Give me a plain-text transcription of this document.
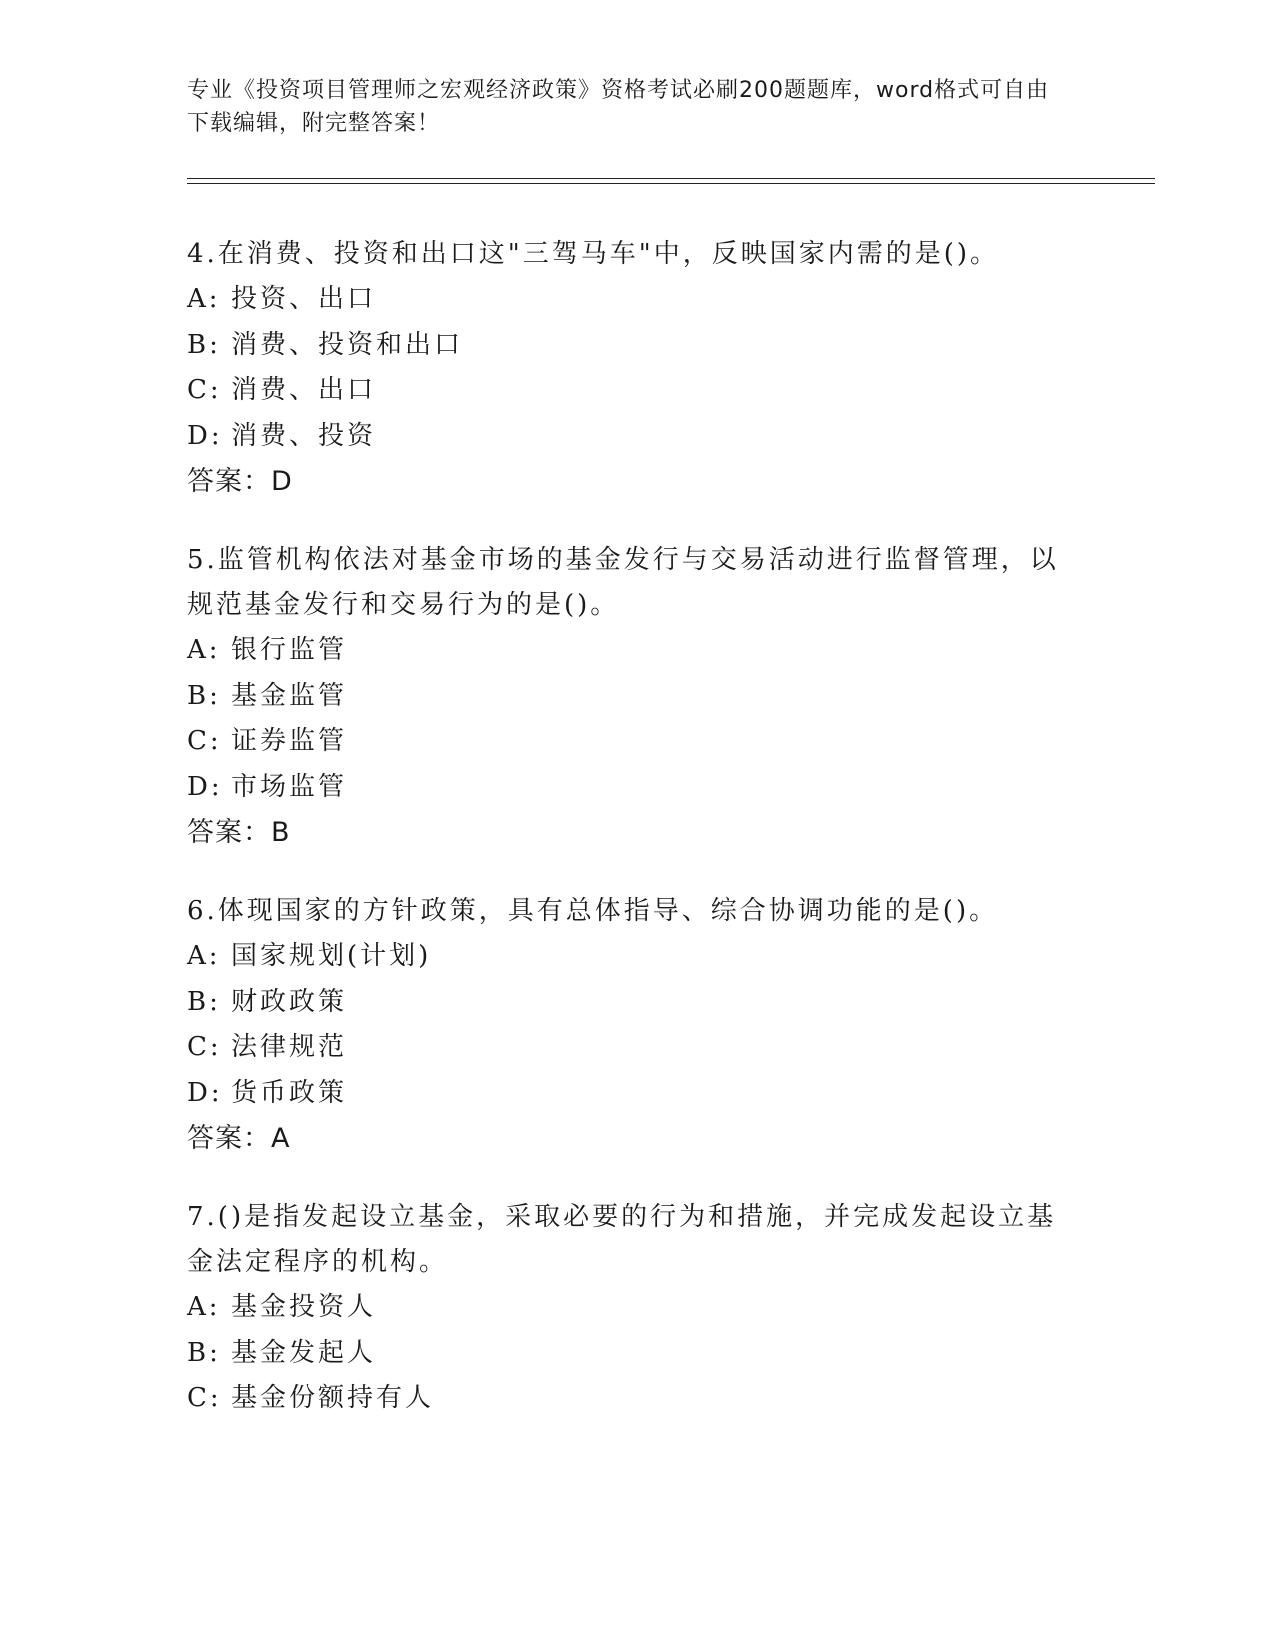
专业《投资项目管理师之宏观经济政策》资格考试必刷200题题库，word格式可自由下载编辑，附完整答案！

4.在消费、投资和出口这"三驾马车"中，反映国家内需的是()。

A: 投资、出口

B: 消费、投资和出口

C: 消费、出口

D: 消费、投资

答案：D

5.监管机构依法对基金市场的基金发行与交易活动进行监督管理，以规范基金发行和交易行为的是()。

A: 银行监管

B: 基金监管

C: 证券监管

D: 市场监管

答案：B

6.体现国家的方针政策，具有总体指导、综合协调功能的是()。

A: 国家规划(计划)

B: 财政政策

C: 法律规范

D: 货币政策

答案：A

7.()是指发起设立基金，采取必要的行为和措施，并完成发起设立基金法定程序的机构。

A: 基金投资人

B: 基金发起人

C: 基金份额持有人
